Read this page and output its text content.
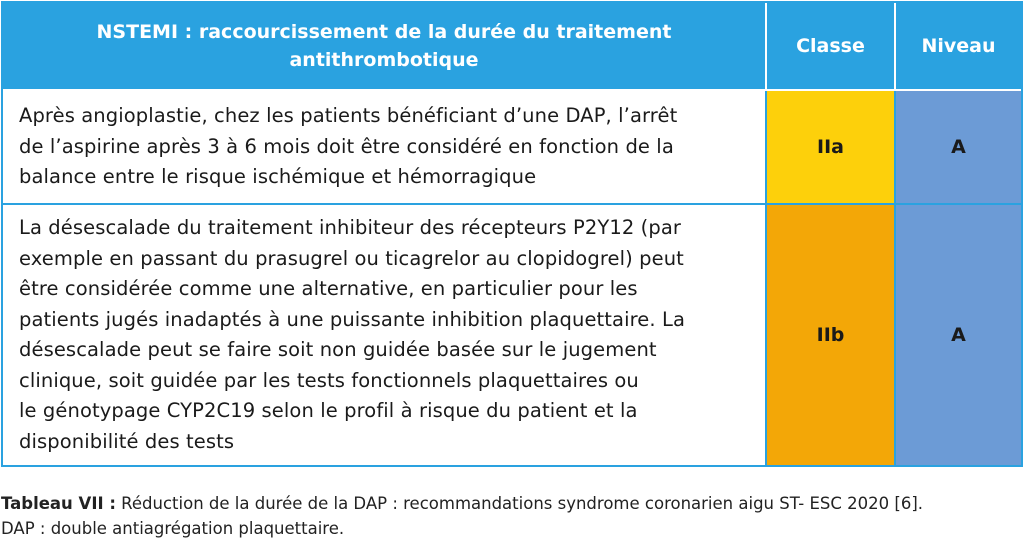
NSTEMI : raccourcissement de la durée du traitement
antithrombotique
Classe	Niveau
Après angioplastie, chez les patients bénéficiant d’une DAP, l’arrêt
de l’aspirine après 3 à 6 mois doit être considéré en fonction de la
balance entre le risque ischémique et hémorragique
IIa	A
La désescalade du traitement inhibiteur des récepteurs P2Y12 (par
exemple en passant du prasugrel ou ticagrelor au clopidogrel) peut
être considérée comme une alternative, en particulier pour les
patients jugés inadaptés à une puissante inhibition plaquettaire. La
désescalade peut se faire soit non guidée basée sur le jugement
clinique, soit guidée par les tests fonctionnels plaquettaires ou
le génotypage CYP2C19 selon le profil à risque du patient et la
disponibilité des tests
IIb	A
Tableau VII : Réduction de la durée de la DAP : recommandations syndrome coronarien aigu ST- ESC 2020 [6].
DAP : double antiagrégation plaquettaire.
